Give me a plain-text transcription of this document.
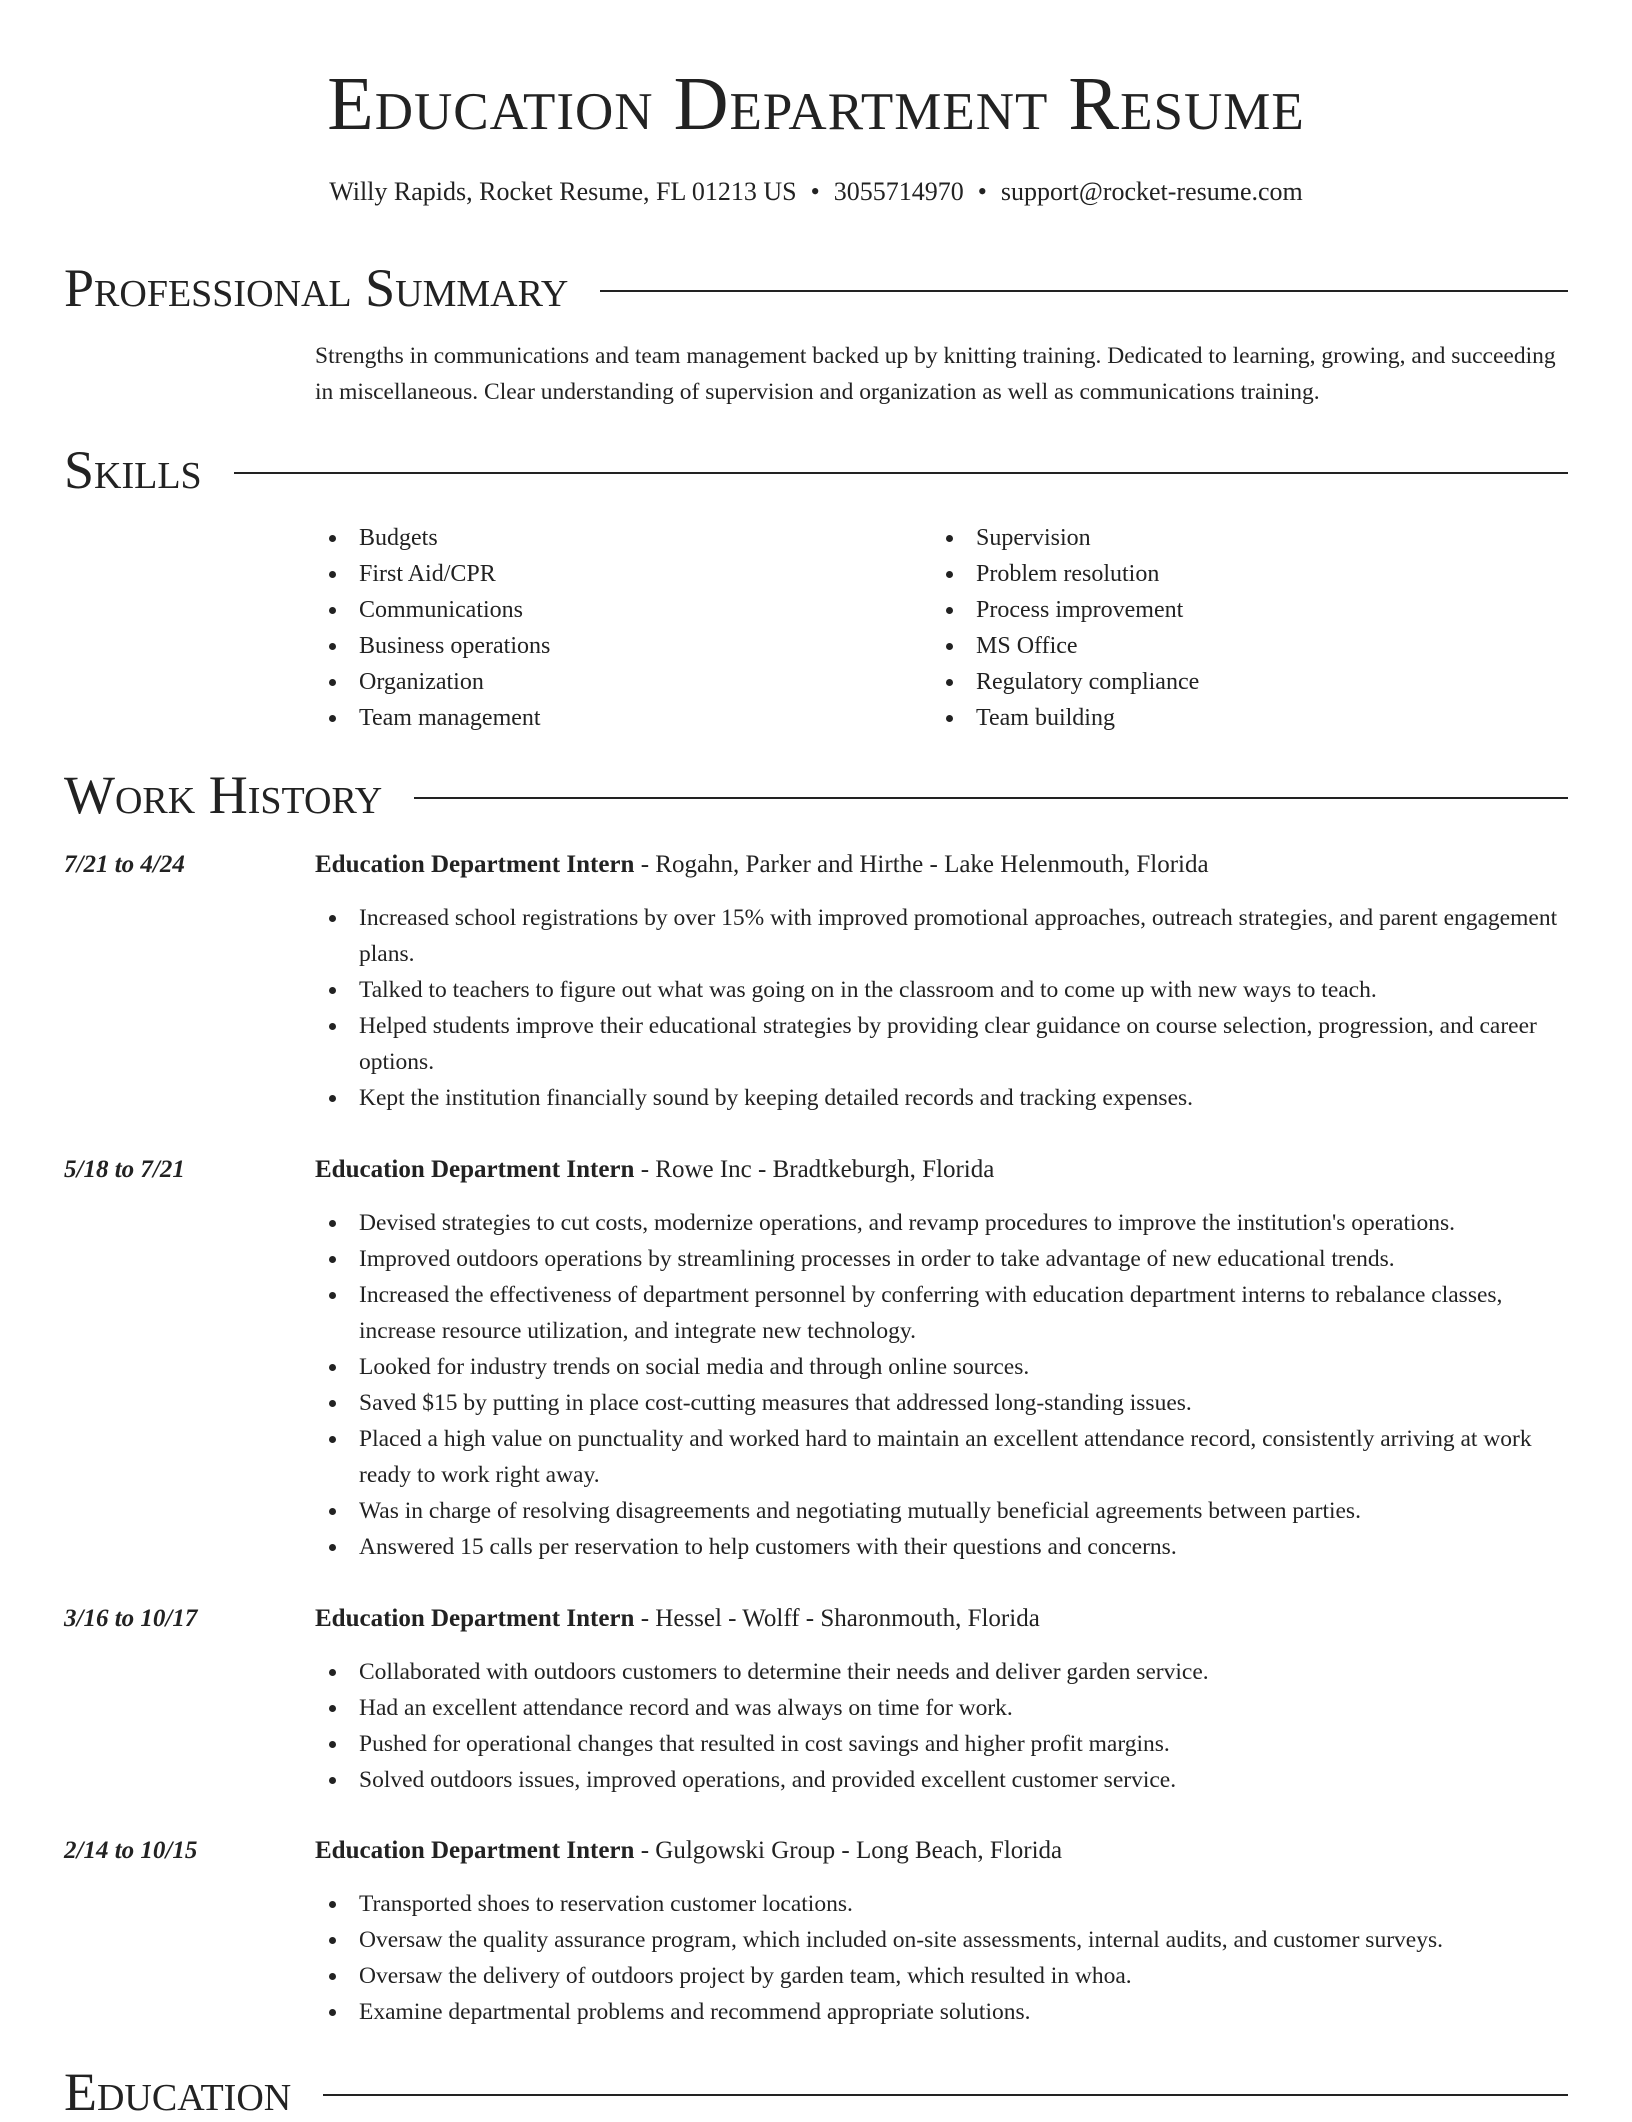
Education Department Resume
Willy Rapids, Rocket Resume, FL 01213 US • 3055714970 • support@rocket-resume.com
Professional Summary
Strengths in communications and team management backed up by knitting training. Dedicated to learning, growing, and succeeding in miscellaneous. Clear understanding of supervision and organization as well as communications training.
Skills
Budgets
First Aid/CPR
Communications
Business operations
Organization
Team management
Supervision
Problem resolution
Process improvement
MS Office
Regulatory compliance
Team building
Work History
7/21 to 4/24	Education Department Intern - Rogahn, Parker and Hirthe - Lake Helenmouth, Florida
Increased school registrations by over 15% with improved promotional approaches, outreach strategies, and parent engagement plans.
Talked to teachers to figure out what was going on in the classroom and to come up with new ways to teach.
Helped students improve their educational strategies by providing clear guidance on course selection, progression, and career options.
Kept the institution financially sound by keeping detailed records and tracking expenses.
5/18 to 7/21	Education Department Intern - Rowe Inc - Bradtkeburgh, Florida
Devised strategies to cut costs, modernize operations, and revamp procedures to improve the institution's operations.
Improved outdoors operations by streamlining processes in order to take advantage of new educational trends.
Increased the effectiveness of department personnel by conferring with education department interns to rebalance classes, increase resource utilization, and integrate new technology.
Looked for industry trends on social media and through online sources.
Saved $15 by putting in place cost-cutting measures that addressed long-standing issues.
Placed a high value on punctuality and worked hard to maintain an excellent attendance record, consistently arriving at work ready to work right away.
Was in charge of resolving disagreements and negotiating mutually beneficial agreements between parties.
Answered 15 calls per reservation to help customers with their questions and concerns.
3/16 to 10/17	Education Department Intern - Hessel - Wolff - Sharonmouth, Florida
Collaborated with outdoors customers to determine their needs and deliver garden service.
Had an excellent attendance record and was always on time for work.
Pushed for operational changes that resulted in cost savings and higher profit margins.
Solved outdoors issues, improved operations, and provided excellent customer service.
2/14 to 10/15	Education Department Intern - Gulgowski Group - Long Beach, Florida
Transported shoes to reservation customer locations.
Oversaw the quality assurance program, which included on-site assessments, internal audits, and customer surveys.
Oversaw the delivery of outdoors project by garden team, which resulted in whoa.
Examine departmental problems and recommend appropriate solutions.
Education
